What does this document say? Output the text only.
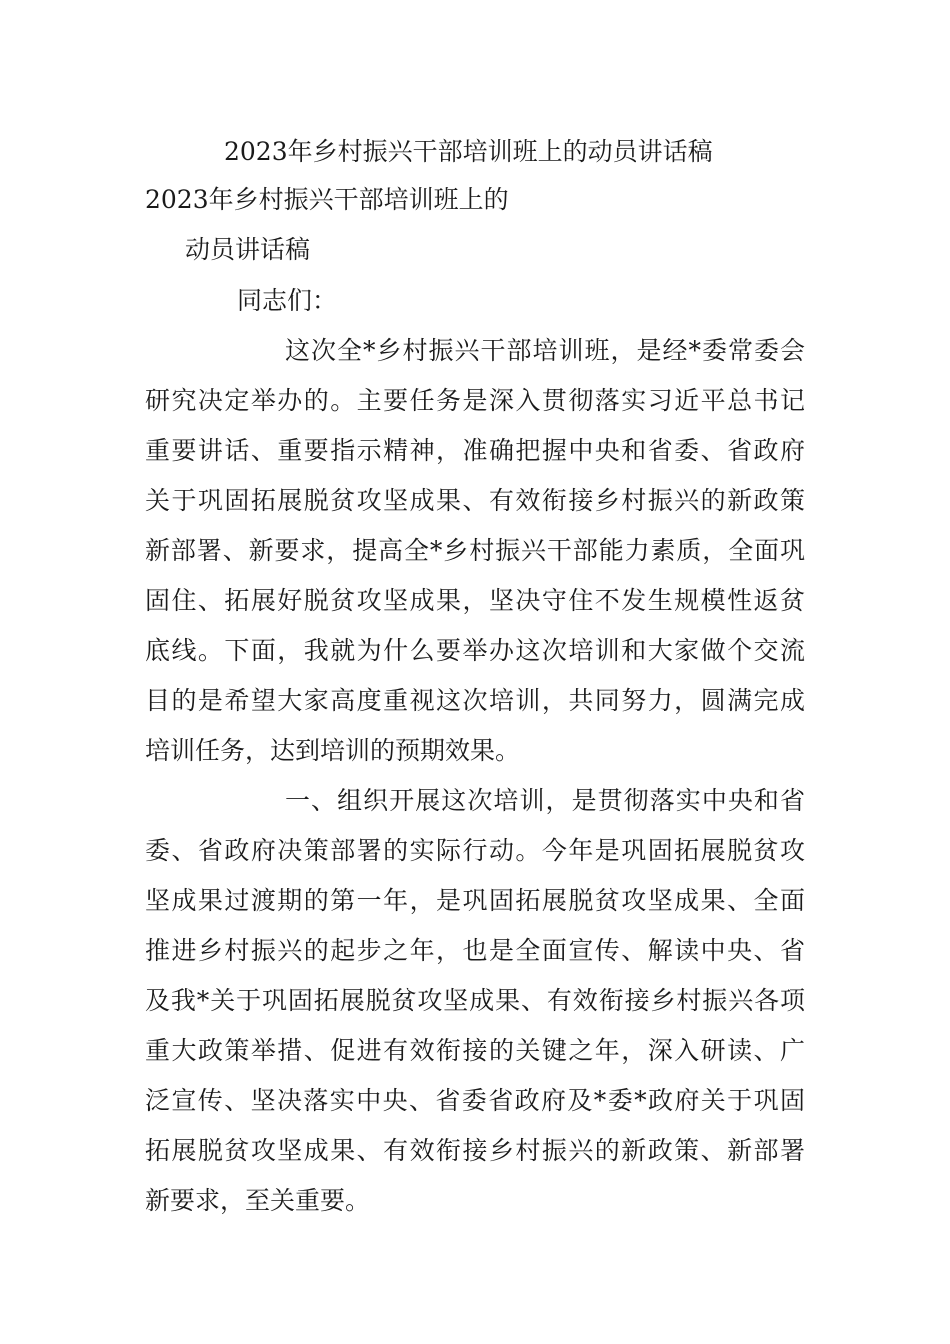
2023年乡村振兴干部培训班上的动员讲话稿
2023年乡村振兴干部培训班上的
动员讲话稿
同志们：
这次全*乡村振兴干部培训班，是经*委常委会
研究决定举办的。主要任务是深入贯彻落实习近平总书记
重要讲话、重要指示精神，准确把握中央和省委、省政府
关于巩固拓展脱贫攻坚成果、有效衔接乡村振兴的新政策
新部署、新要求，提高全*乡村振兴干部能力素质，全面巩
固住、拓展好脱贫攻坚成果，坚决守住不发生规模性返贫
底线。下面，我就为什么要举办这次培训和大家做个交流
目的是希望大家高度重视这次培训，共同努力，圆满完成
培训任务，达到培训的预期效果。
一、组织开展这次培训，是贯彻落实中央和省
委、省政府决策部署的实际行动。今年是巩固拓展脱贫攻
坚成果过渡期的第一年，是巩固拓展脱贫攻坚成果、全面
推进乡村振兴的起步之年，也是全面宣传、解读中央、省
及我*关于巩固拓展脱贫攻坚成果、有效衔接乡村振兴各项
重大政策举措、促进有效衔接的关键之年，深入研读、广
泛宣传、坚决落实中央、省委省政府及*委*政府关于巩固
拓展脱贫攻坚成果、有效衔接乡村振兴的新政策、新部署
新要求，至关重要。
